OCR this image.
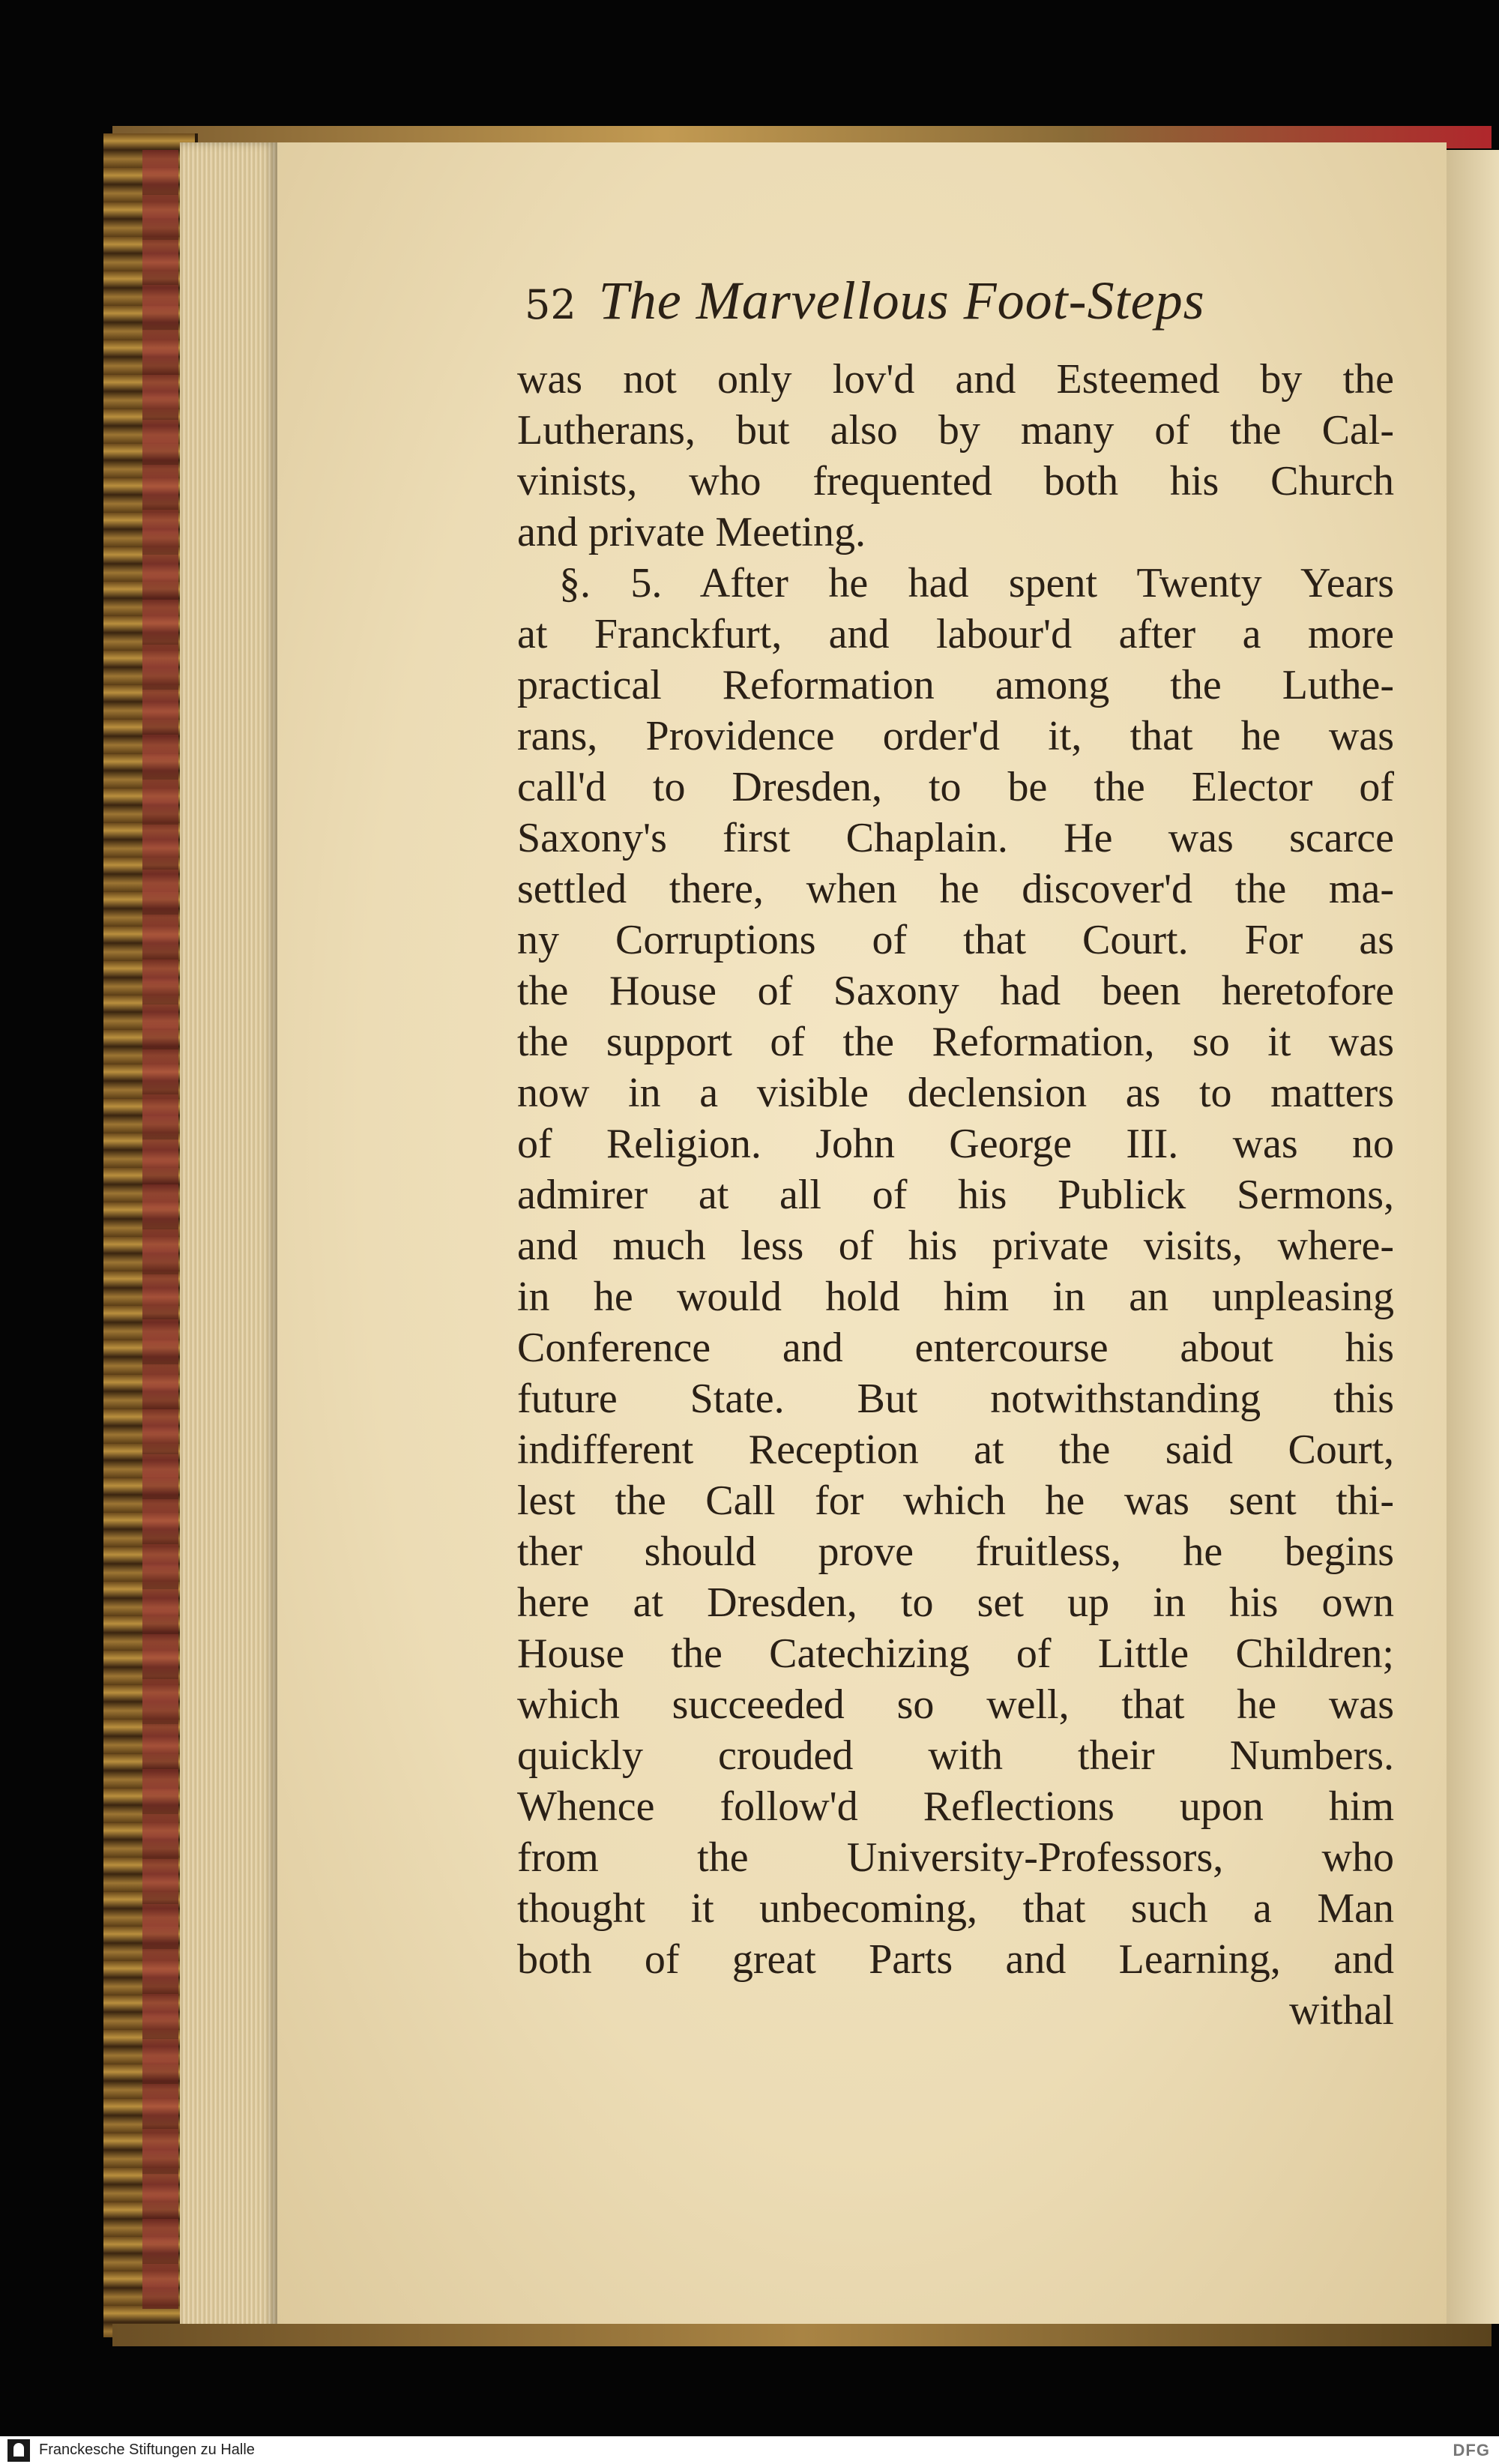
52 The Marvellous Foot-Steps
was not only lov'd and Esteemed by the
Lutherans, but also by many of the Cal-
vinists, who frequented both his Church
and private Meeting.
§. 5. After he had spent Twenty Years
at Franckfurt, and labour'd after a more
practical Reformation among the Luthe-
rans, Providence order'd it, that he was
call'd to Dresden, to be the Elector of
Saxony's first Chaplain. He was scarce
settled there, when he discover'd the ma-
ny Corruptions of that Court. For as
the House of Saxony had been heretofore
the support of the Reformation, so it was
now in a visible declension as to matters
of Religion. John George III. was no
admirer at all of his Publick Sermons,
and much less of his private visits, where-
in he would hold him in an unpleasing
Conference and entercourse about his
future State. But notwithstanding this
indifferent Reception at the said Court,
lest the Call for which he was sent thi-
ther should prove fruitless, he begins
here at Dresden, to set up in his own
House the Catechizing of Little Children;
which succeeded so well, that he was
quickly crouded with their Numbers.
Whence follow'd Reflections upon him
from the University-Professors, who
thought it unbecoming, that such a Man
both of great Parts and Learning, and
withal
Franckesche Stiftungen zu Halle	DFG
